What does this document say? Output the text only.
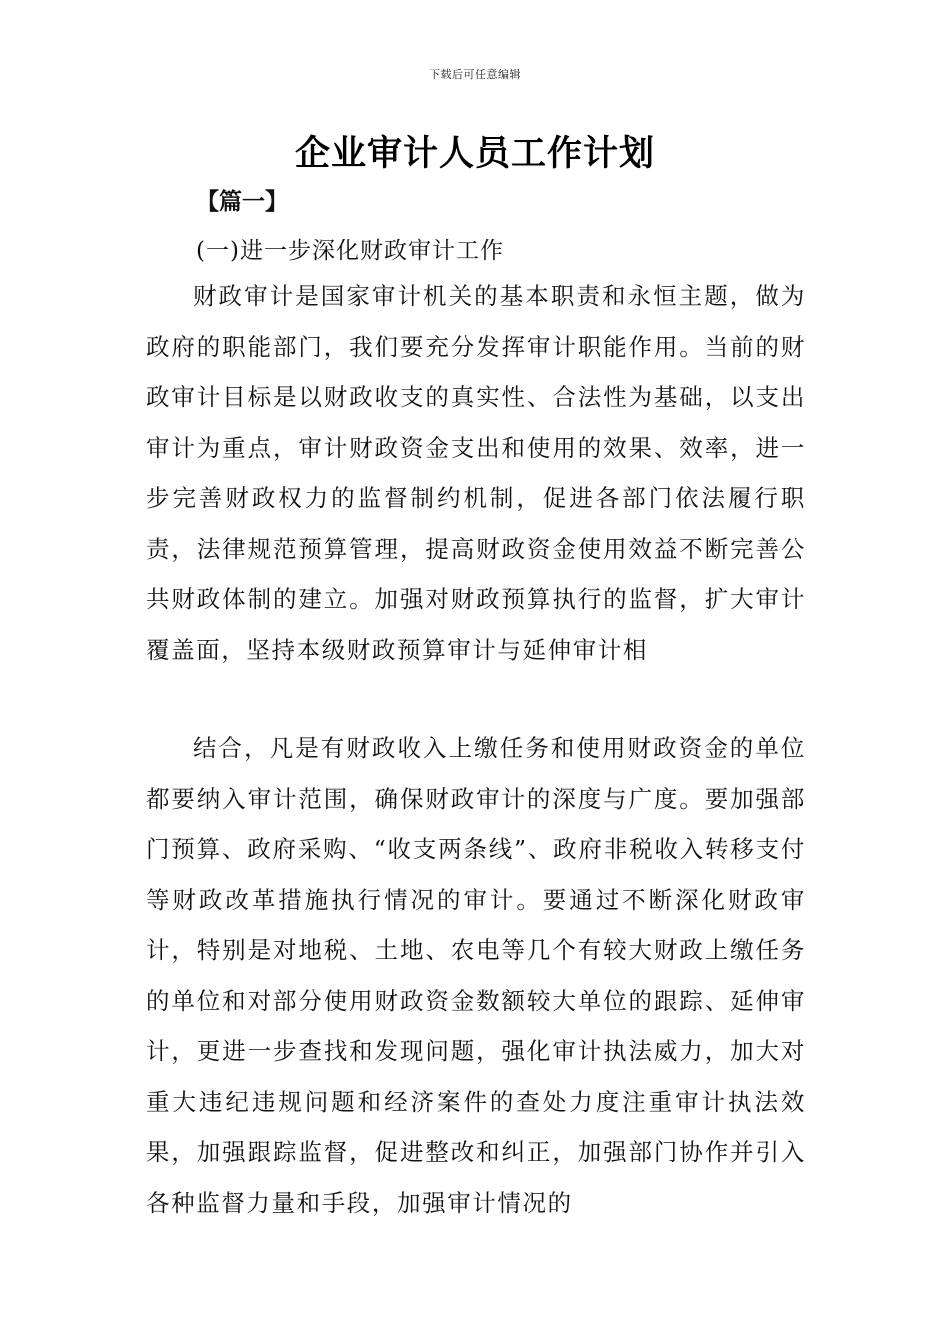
下载后可任意编辑
企业审计人员工作计划
【篇一】
(一)进一步深化财政审计工作

财政审计是国家审计机关的基本职责和永恒主题，做为政府的职能部门，我们要充分发挥审计职能作用。当前的财政审计目标是以财政收支的真实性、合法性为基础，以支出审计为重点，审计财政资金支出和使用的效果、效率，进一步完善财政权力的监督制约机制，促进各部门依法履行职责，法律规范预算管理，提高财政资金使用效益不断完善公共财政体制的建立。加强对财政预算执行的监督，扩大审计覆盖面，坚持本级财政预算审计与延伸审计相

结合，凡是有财政收入上缴任务和使用财政资金的单位都要纳入审计范围，确保财政审计的深度与广度。要加强部门预算、政府采购、“收支两条线”、政府非税收入转移支付等财政改革措施执行情况的审计。要通过不断深化财政审计，特别是对地税、土地、农电等几个有较大财政上缴任务的单位和对部分使用财政资金数额较大单位的跟踪、延伸审计，更进一步查找和发现问题，强化审计执法威力，加大对重大违纪违规问题和经济案件的查处力度注重审计执法效果，加强跟踪监督，促进整改和纠正，加强部门协作并引入各种监督力量和手段，加强审计情况的
